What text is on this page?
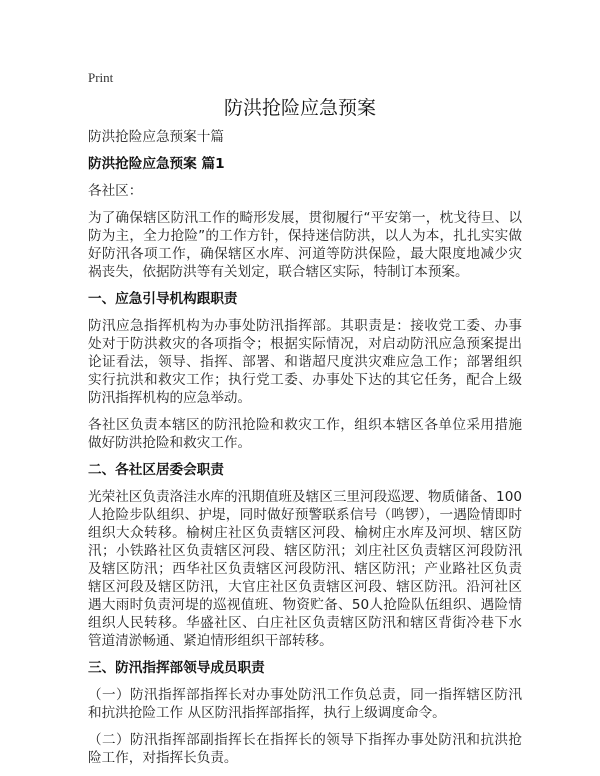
Print
防洪抢险应急预案
防洪抢险应急预案十篇
防洪抢险应急预案 篇1
各社区：
为了确保辖区防汛工作的畸形发展，贯彻履行“平安第一，枕戈待旦、以防为主，全力抢险”的工作方针，保持迷信防洪，以人为本，扎扎实实做好防汛各项工作，确保辖区水库、河道等防洪保险，最大限度地减少灾祸丧失，依据防洪等有关划定，联合辖区实际，特制订本预案。
一、应急引导机构跟职责
防汛应急指挥机构为办事处防汛指挥部。其职责是：接收党工委、办事处对于防洪救灾的各项指令；根据实际情况，对启动防汛应急预案提出论证看法，领导、指挥、部署、和谐超尺度洪灾难应急工作；部署组织实行抗洪和救灾工作；执行党工委、办事处下达的其它任务，配合上级防汛指挥机构的应急举动。
各社区负责本辖区的防汛抢险和救灾工作，组织本辖区各单位采用措施做好防洪抢险和救灾工作。
二、各社区居委会职责
光荣社区负责洛洼水库的汛期值班及辖区三里河段巡逻、物质储备、100人抢险步队组织、护堤，同时做好预警联系信号（鸣锣），一遇险情即时组织大众转移。榆树庄社区负责辖区河段、榆树庄水库及河坝、辖区防汛；小铁路社区负责辖区河段、辖区防汛；刘庄社区负责辖区河段防汛及辖区防汛；西华社区负责辖区河段防汛、辖区防汛；产业路社区负责辖区河段及辖区防汛，大官庄社区负责辖区河段、辖区防汛。沿河社区遇大雨时负责河堤的巡视值班、物资贮备、50人抢险队伍组织、遇险情组织人民转移。华盛社区、白庄社区负责辖区防汛和辖区背街冷巷下水管道清淤畅通、紧迫情形组织干部转移。
三、防汛指挥部领导成员职责
（一）防汛指挥部指挥长对办事处防汛工作负总责，同一指挥辖区防汛和抗洪抢险工作 从区防汛指挥部指挥，执行上级调度命令。
（二）防汛指挥部副指挥长在指挥长的领导下指挥办事处防汛和抗洪抢险工作，对指挥长负责。
